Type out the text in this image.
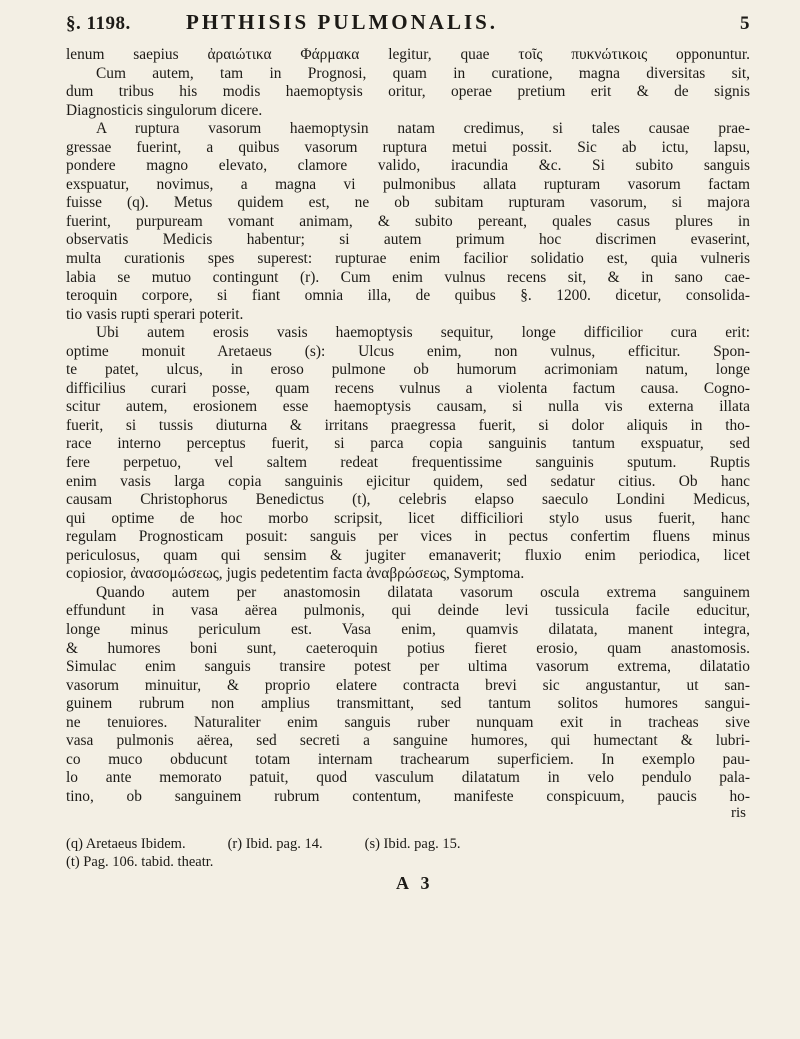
§. 1198.	PHTHISIS PULMONALIS.	5
lenum saepius ἀραιώτικα Φάρμακα legitur, quae τοῖς πυκνώτικοις opponuntur.
Cum autem, tam in Prognosi, quam in curatione, magna diversitas sit,
dum tribus his modis haemoptysis oritur, operae pretium erit & de signis
Diagnosticis singulorum dicere.
A ruptura vasorum haemoptysin natam credimus, si tales causae prae-
gressae fuerint, a quibus vasorum ruptura metui possit. Sic ab ictu, lapsu,
pondere magno elevato, clamore valido, iracundia &c. Si subito sanguis
exspuatur, novimus, a magna vi pulmonibus allata rupturam vasorum factam
fuisse (q). Metus quidem est, ne ob subitam rupturam vasorum, si majora
fuerint, purpuream vomant animam, & subito pereant, quales casus plures in
observatis Medicis habentur; si autem primum hoc discrimen evaserint,
multa curationis spes superest: rupturae enim facilior solidatio est, quia vulneris
labia se mutuo contingunt (r). Cum enim vulnus recens sit, & in sano cae-
teroquin corpore, si fiant omnia illa, de quibus §. 1200. dicetur, consolida-
tio vasis rupti sperari poterit.
Ubi autem erosis vasis haemoptysis sequitur, longe difficilior cura erit:
optime monuit Aretaeus (s): Ulcus enim, non vulnus, efficitur. Spon-
te patet, ulcus, in eroso pulmone ob humorum acrimoniam natum, longe
difficilius curari posse, quam recens vulnus a violenta factum causa. Cogno-
scitur autem, erosionem esse haemoptysis causam, si nulla vis externa illata
fuerit, si tussis diuturna & irritans praegressa fuerit, si dolor aliquis in tho-
race interno perceptus fuerit, si parca copia sanguinis tantum exspuatur, sed
fere perpetuo, vel saltem redeat frequentissime sanguinis sputum. Ruptis
enim vasis larga copia sanguinis ejicitur quidem, sed sedatur citius. Ob hanc
causam Christophorus Benedictus (t), celebris elapso saeculo Londini Medicus,
qui optime de hoc morbo scripsit, licet difficiliori stylo usus fuerit, hanc
regulam Prognosticam posuit: sanguis per vices in pectus confertim fluens minus
periculosus, quam qui sensim & jugiter emanaverit; fluxio enim periodica, licet
copiosior, ἀνασομώσεως, jugis pedetentim facta ἀναβρώσεως, Symptoma.
Quando autem per anastomosin dilatata vasorum oscula extrema sanguinem
effundunt in vasa aërea pulmonis, qui deinde levi tussicula facile educitur,
longe minus periculum est. Vasa enim, quamvis dilatata, manent integra,
& humores boni sunt, caeteroquin potius fieret erosio, quam anastomosis.
Simulac enim sanguis transire potest per ultima vasorum extrema, dilatatio
vasorum minuitur, & proprio elatere contracta brevi sic angustantur, ut san-
guinem rubrum non amplius transmittant, sed tantum solitos humores sangui-
ne tenuiores. Naturaliter enim sanguis ruber nunquam exit in tracheas sive
vasa pulmonis aërea, sed secreti a sanguine humores, qui humectant & lubri-
co muco obducunt totam internam trachearum superficiem. In exemplo pau-
lo ante memorato patuit, quod vasculum dilatatum in velo pendulo pala-
tino, ob sanguinem rubrum contentum, manifeste conspicuum, paucis ho-
ris
(q) Aretaeus Ibidem.	(r) Ibid. pag. 14.	(s) Ibid. pag. 15.
(t) Pag. 106. tabid. theatr.
A 3
